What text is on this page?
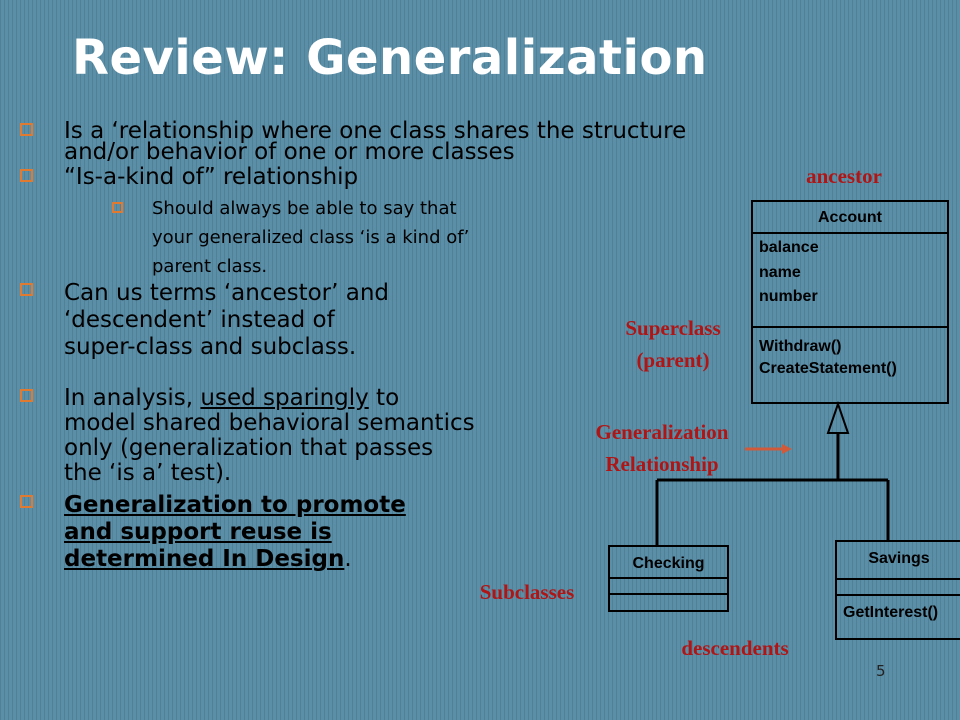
Review: Generalization
Is a ‘relationship where one class shares the structure
and/or behavior of one or more classes
“Is-a-kind of” relationship
Should always be able to say that
your generalized class ‘is a kind of’
parent class.
Can us terms ‘ancestor’ and
‘descendent’ instead of
super-class and subclass.
In analysis, used sparingly to
model shared behavioral semantics
only (generalization that passes
the ‘is a’ test).
Generalization to promote
and support reuse is
determined In Design.
Account
balance
name
number
Withdraw()
CreateStatement()
Checking	Savings
GetInterest()
ancestor
Superclass
(parent)
Generalization
Relationship
Subclasses
descendents
5
